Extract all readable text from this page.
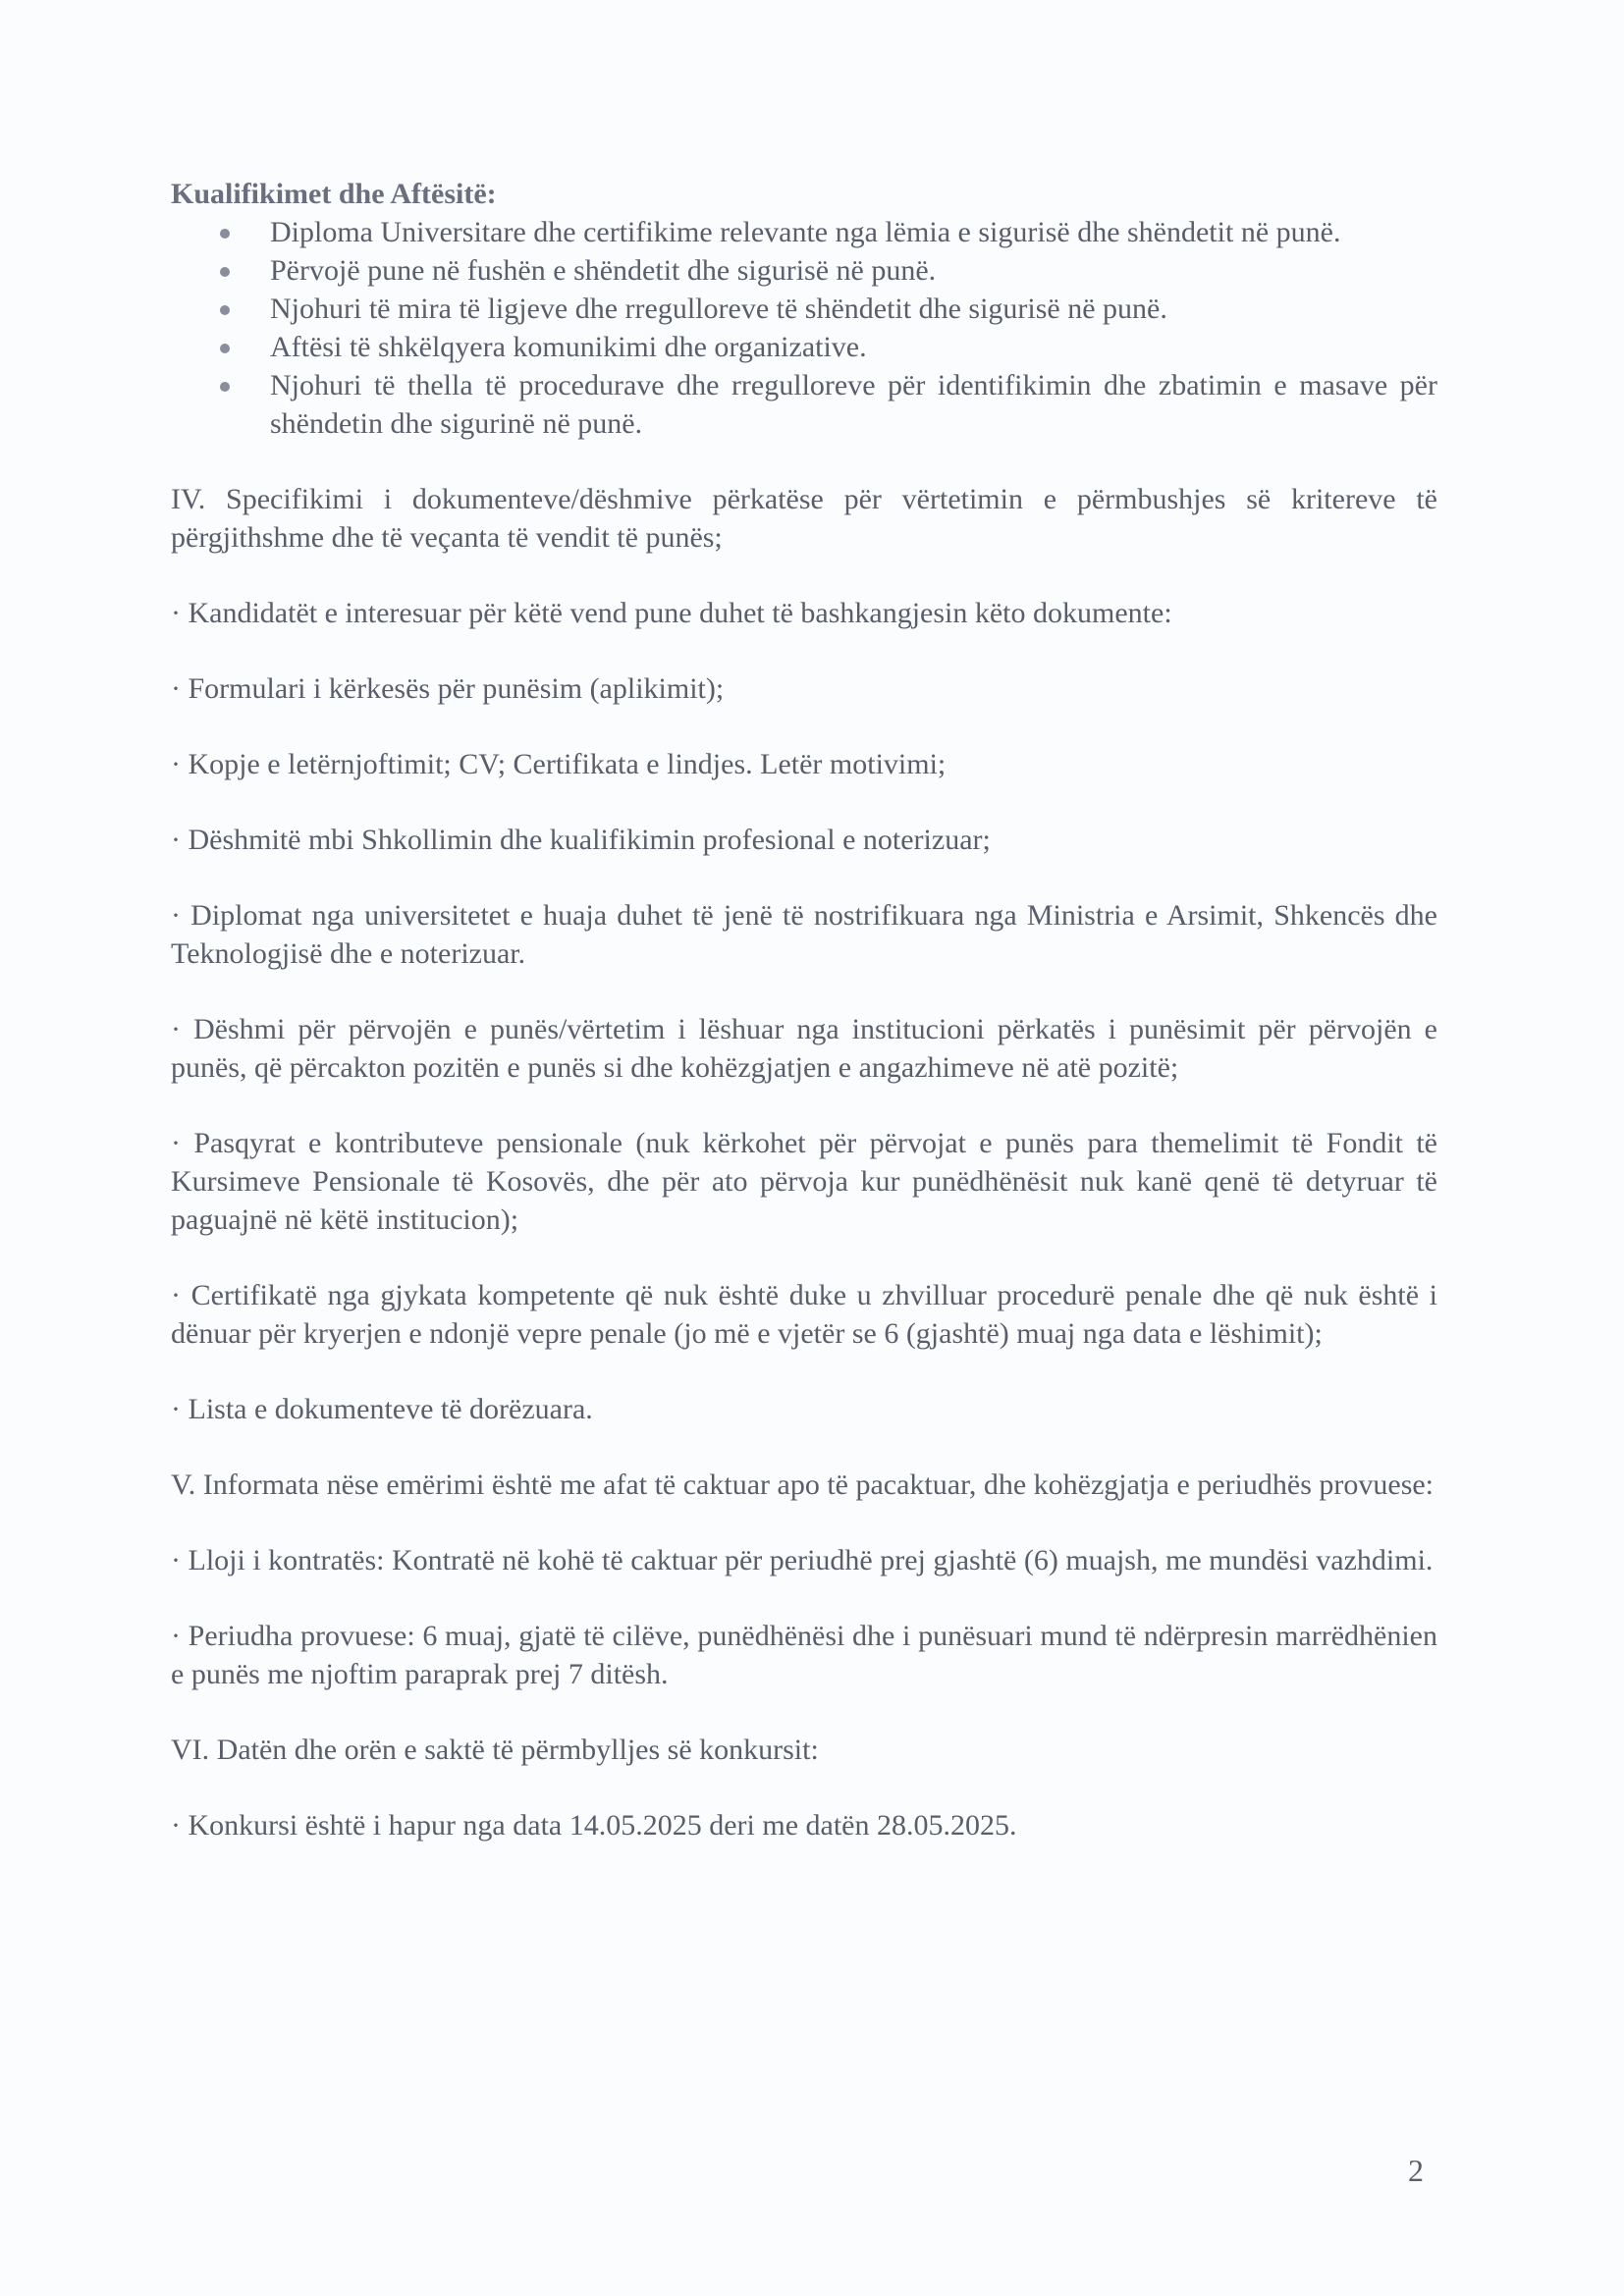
Kualifikimet dhe Aftësitë:

Diploma Universitare dhe certifikime relevante nga lëmia e sigurisë dhe shëndetit në punë.
Përvojë pune në fushën e shëndetit dhe sigurisë në punë.
Njohuri të mira të ligjeve dhe rregulloreve të shëndetit dhe sigurisë në punë.
Aftësi të shkëlqyera komunikimi dhe organizative.
Njohuri të thella të procedurave dhe rregulloreve për identifikimin dhe zbatimin e masave për shëndetin dhe sigurinë në punë.

IV. Specifikimi i dokumenteve/dëshmive përkatëse për vërtetimin e përmbushjes së kritereve të përgjithshme dhe të veçanta të vendit të punës;

· Kandidatët e interesuar për këtë vend pune duhet të bashkangjesin këto dokumente:

· Formulari i kërkesës për punësim (aplikimit);

· Kopje e letërnjoftimit; CV; Certifikata e lindjes. Letër motivimi;

· Dëshmitë mbi Shkollimin dhe kualifikimin profesional e noterizuar;

· Diplomat nga universitetet e huaja duhet të jenë të nostrifikuara nga Ministria e Arsimit, Shkencës dhe Teknologjisë dhe e noterizuar.

· Dëshmi për përvojën e punës/vërtetim i lëshuar nga institucioni përkatës i punësimit për përvojën e punës, që përcakton pozitën e punës si dhe kohëzgjatjen e angazhimeve në atë pozitë;

· Pasqyrat e kontributeve pensionale (nuk kërkohet për përvojat e punës para themelimit të Fondit të Kursimeve Pensionale të Kosovës, dhe për ato përvoja kur punëdhënësit nuk kanë qenë të detyruar të paguajnë në këtë institucion);

· Certifikatë nga gjykata kompetente që nuk është duke u zhvilluar procedurë penale dhe që nuk është i dënuar për kryerjen e ndonjë vepre penale (jo më e vjetër se 6 (gjashtë) muaj nga data e lëshimit);

· Lista e dokumenteve të dorëzuara.

V. Informata nëse emërimi është me afat të caktuar apo të pacaktuar, dhe kohëzgjatja e periudhës provuese:

· Lloji i kontratës: Kontratë në kohë të caktuar për periudhë prej gjashtë (6) muajsh, me mundësi vazhdimi.

· Periudha provuese: 6 muaj, gjatë të cilëve, punëdhënësi dhe i punësuari mund të ndërpresin marrëdhënien e punës me njoftim paraprak prej 7 ditësh.

VI. Datën dhe orën e saktë të përmbylljes së konkursit:

· Konkursi është i hapur nga data 14.05.2025 deri me datën 28.05.2025.

2
